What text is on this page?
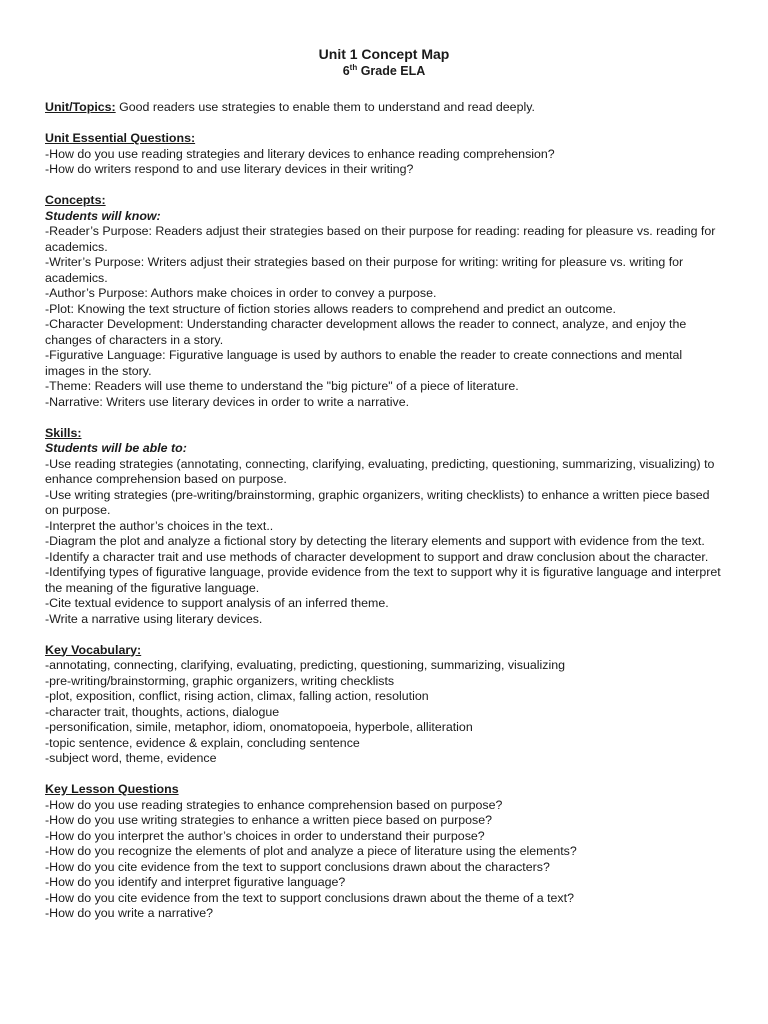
Unit 1 Concept Map
6th Grade ELA
Unit/Topics: Good readers use strategies to enable them to understand and read deeply.
Unit Essential Questions:
-How do you use reading strategies and literary devices to enhance reading comprehension?
-How do writers respond to and use literary devices in their writing?
Concepts:
Students will know:
-Reader’s Purpose: Readers adjust their strategies based on their purpose for reading: reading for pleasure vs. reading for academics.
-Writer’s Purpose: Writers adjust their strategies based on their purpose for writing: writing for pleasure vs. writing for academics.
-Author’s Purpose: Authors make choices in order to convey a purpose.
-Plot: Knowing the text structure of fiction stories allows readers to comprehend and predict an outcome.
-Character Development: Understanding character development allows the reader to connect, analyze, and enjoy the changes of characters in a story.
-Figurative Language: Figurative language is used by authors to enable the reader to create connections and mental images in the story.
-Theme: Readers will use theme to understand the "big picture" of a piece of literature.
-Narrative: Writers use literary devices in order to write a narrative.
Skills:
Students will be able to:
-Use reading strategies (annotating, connecting, clarifying, evaluating, predicting, questioning, summarizing, visualizing) to enhance comprehension based on purpose.
-Use writing strategies (pre-writing/brainstorming, graphic organizers, writing checklists) to enhance a written piece based on purpose.
-Interpret the author’s choices in the text..
-Diagram the plot and analyze a fictional story by detecting the literary elements and support with evidence from the text.
-Identify a character trait and use methods of character development to support and draw conclusion about the character.
-Identifying types of figurative language, provide evidence from the text to support why it is figurative language and interpret the meaning of the figurative language.
-Cite textual evidence to support analysis of an inferred theme.
-Write a narrative using literary devices.
Key Vocabulary:
-annotating, connecting, clarifying, evaluating, predicting, questioning, summarizing, visualizing
-pre-writing/brainstorming, graphic organizers, writing checklists
-plot, exposition, conflict, rising action, climax, falling action, resolution
-character trait, thoughts, actions, dialogue
-personification, simile, metaphor, idiom, onomatopoeia, hyperbole, alliteration
-topic sentence, evidence & explain, concluding sentence
-subject word, theme, evidence
Key Lesson Questions
-How do you use reading strategies to enhance comprehension based on purpose?
-How do you use writing strategies to enhance a written piece based on purpose?
-How do you interpret the author’s choices in order to understand their purpose?
-How do you recognize the elements of plot and analyze a piece of literature using the elements?
-How do you cite evidence from the text to support conclusions drawn about the characters?
-How do you identify and interpret figurative language?
-How do you cite evidence from the text to support conclusions drawn about the theme of a text?
-How do you write a narrative?
